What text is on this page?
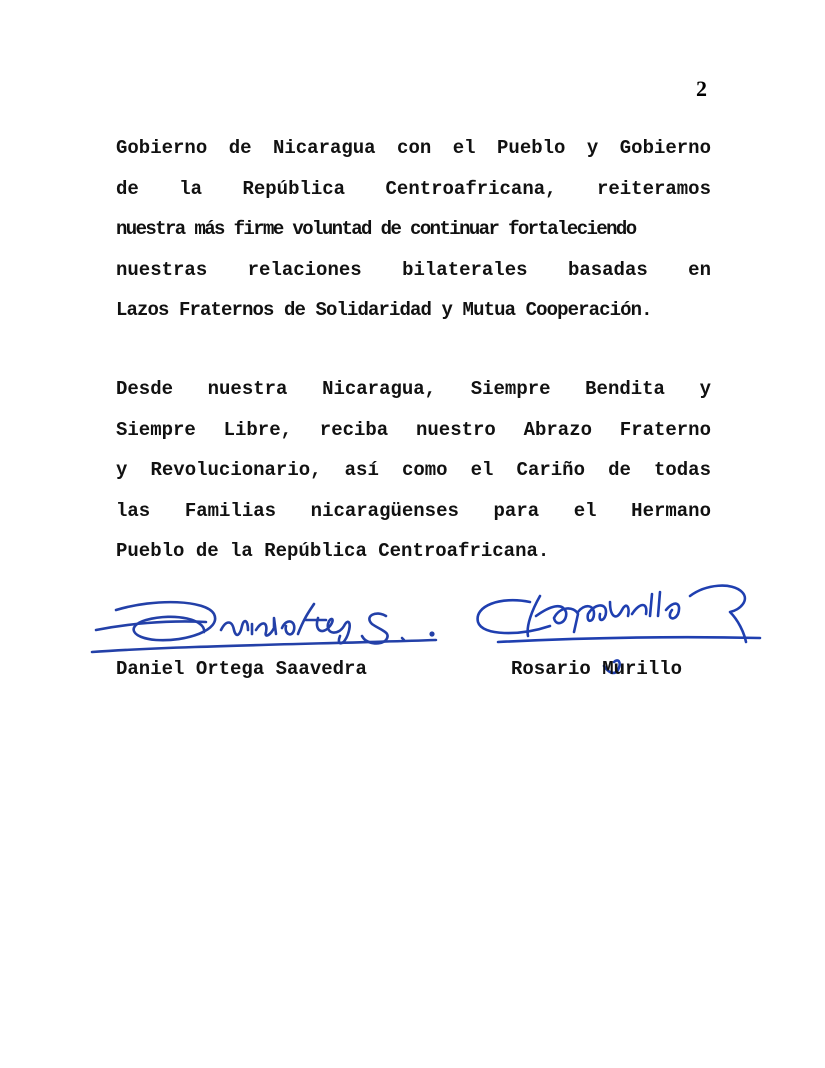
2

Gobierno de Nicaragua con el Pueblo y Gobierno
de la República Centroafricana, reiteramos
nuestra más firme voluntad de continuar fortaleciendo
nuestras relaciones bilaterales basadas en
Lazos Fraternos de Solidaridad y Mutua Cooperación.

Desde nuestra Nicaragua, Siempre Bendita y
Siempre Libre, reciba nuestro Abrazo Fraterno
y Revolucionario, así como el Cariño de todas
las Familias nicaragüenses para el Hermano
Pueblo de la República Centroafricana.

Daniel Ortega Saavedra	Rosario Murillo
